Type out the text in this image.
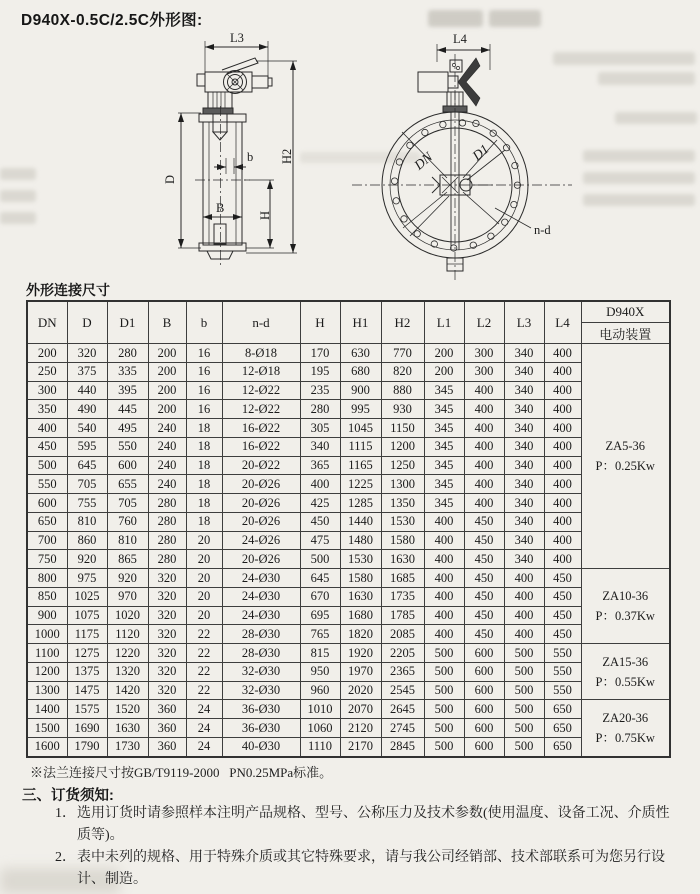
D940X-0.5C/2.5C外形图:
L3
D
B
b
H
H2	DN	D1
L4
n-d
外形连接尺寸
DN	D	D1	B	b	n-d	H	H1	H2	L1	L2	L3	L4	D940X
													电动装置
200	320	280	200	16	8-Ø18	170	630	770	200	300	340	400	ZA5-36
P：0.25Kw

250	375	335	200	16	12-Ø18	195	680	820	200	300	340	400	
300	440	395	200	16	12-Ø22	235	900	880	345	400	340	400	
350	490	445	200	16	12-Ø22	280	995	930	345	400	340	400	
400	540	495	240	18	16-Ø22	305	1045	1150	345	400	340	400	
450	595	550	240	18	16-Ø22	340	1115	1200	345	400	340	400	
500	645	600	240	18	20-Ø22	365	1165	1250	345	400	340	400	
550	705	655	240	18	20-Ø26	400	1225	1300	345	400	340	400	
600	755	705	280	18	20-Ø26	425	1285	1350	345	400	340	400	
650	810	760	280	18	20-Ø26	450	1440	1530	400	450	340	400	
700	860	810	280	20	24-Ø26	475	1480	1580	400	450	340	400	
750	920	865	280	20	20-Ø26	500	1530	1630	400	450	340	400	
800	975	920	320	20	24-Ø30	645	1580	1685	400	450	400	450	ZA10-36
P：0.37Kw

850	1025	970	320	20	24-Ø30	670	1630	1735	400	450	400	450	
900	1075	1020	320	20	24-Ø30	695	1680	1785	400	450	400	450	
1000	1175	1120	320	22	28-Ø30	765	1820	2085	400	450	400	450	
1100	1275	1220	320	22	28-Ø30	815	1920	2205	500	600	500	550	ZA15-36
P：0.55Kw

1200	1375	1320	320	22	32-Ø30	950	1970	2365	500	600	500	550	
1300	1475	1420	320	22	32-Ø30	960	2020	2545	500	600	500	550	
1400	1575	1520	360	24	36-Ø30	1010	2070	2645	500	600	500	650	ZA20-36
P：0.75Kw

1500	1690	1630	360	24	36-Ø30	1060	2120	2745	500	600	500	650	
1600	1790	1730	360	24	40-Ø30	1110	2170	2845	500	600	500	650	
※法兰连接尺寸按GB/T9119-2000   PN0.25MPa标准。
三、订货须知:
1． 选用订货时请参照样本注明产品规格、型号、公称压力及技术参数(使用温度、设备工况、介质性质等)。
2． 表中未列的规格、用于特殊介质或其它特殊要求，请与我公司经销部、技术部联系可为您另行设计、制造。
